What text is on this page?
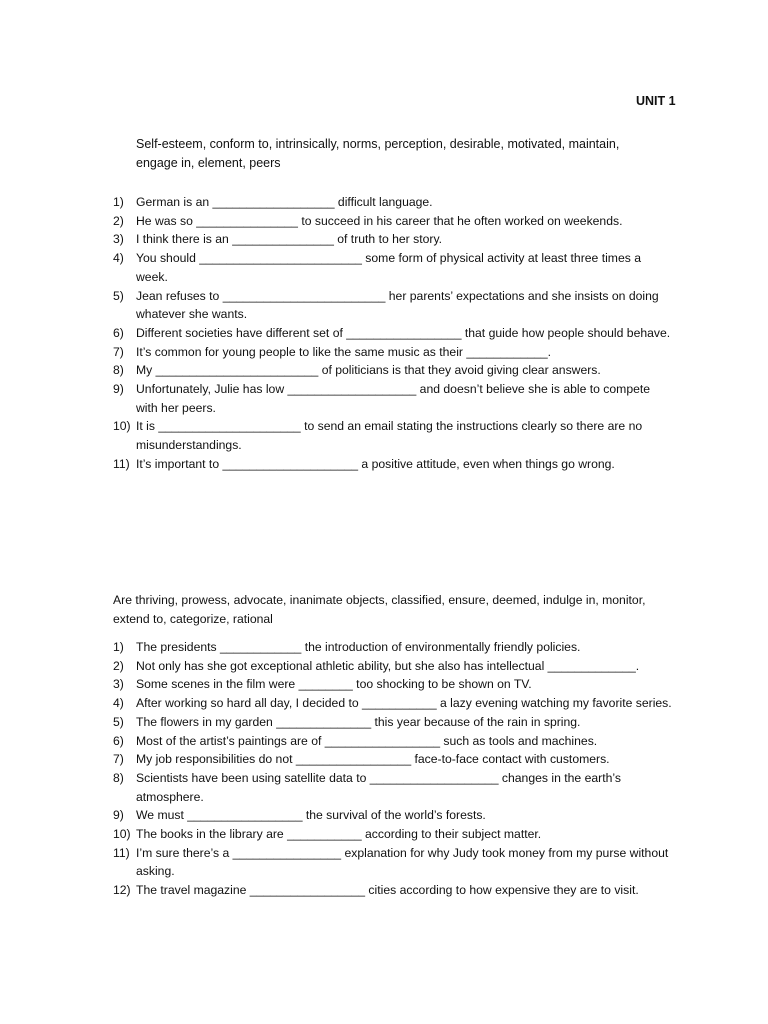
UNIT 1
Self-esteem, conform to, intrinsically, norms, perception, desirable, motivated, maintain, engage in, element, peers
1) German is an __________________ difficult language.
2) He was so _______________ to succeed in his career that he often worked on weekends.
3) I think there is an _______________ of truth to her story.
4) You should ________________________ some form of physical activity at least three times a week.
5) Jean refuses to ________________________ her parents’ expectations and she insists on doing whatever she wants.
6) Different societies have different set of _________________ that guide how people should behave.
7) It’s common for young people to like the same music as their ____________.
8) My ________________________ of politicians is that they avoid giving clear answers.
9) Unfortunately, Julie has low ___________________ and doesn’t believe she is able to compete with her peers.
10) It is _____________________ to send an email stating the instructions clearly so there are no misunderstandings.
11) It’s important to ____________________ a positive attitude, even when things go wrong.
Are thriving, prowess, advocate, inanimate objects, classified, ensure, deemed, indulge in, monitor, extend to, categorize, rational
1) The presidents ____________ the introduction of environmentally friendly policies.
2) Not only has she got exceptional athletic ability, but she also has intellectual _____________.
3) Some scenes in the film were ________ too shocking to be shown on TV.
4) After working so hard all day, I decided to ___________ a lazy evening watching my favorite series.
5) The flowers in my garden ______________ this year because of the rain in spring.
6) Most of the artist’s paintings are of _________________ such as tools and machines.
7) My job responsibilities do not _________________ face-to-face contact with customers.
8) Scientists have been using satellite data to ___________________ changes in the earth’s atmosphere.
9) We must _________________ the survival of the world’s forests.
10) The books in the library are ___________ according to their subject matter.
11) I’m sure there’s a ________________ explanation for why Judy took money from my purse without asking.
12) The travel magazine _________________ cities according to how expensive they are to visit.
